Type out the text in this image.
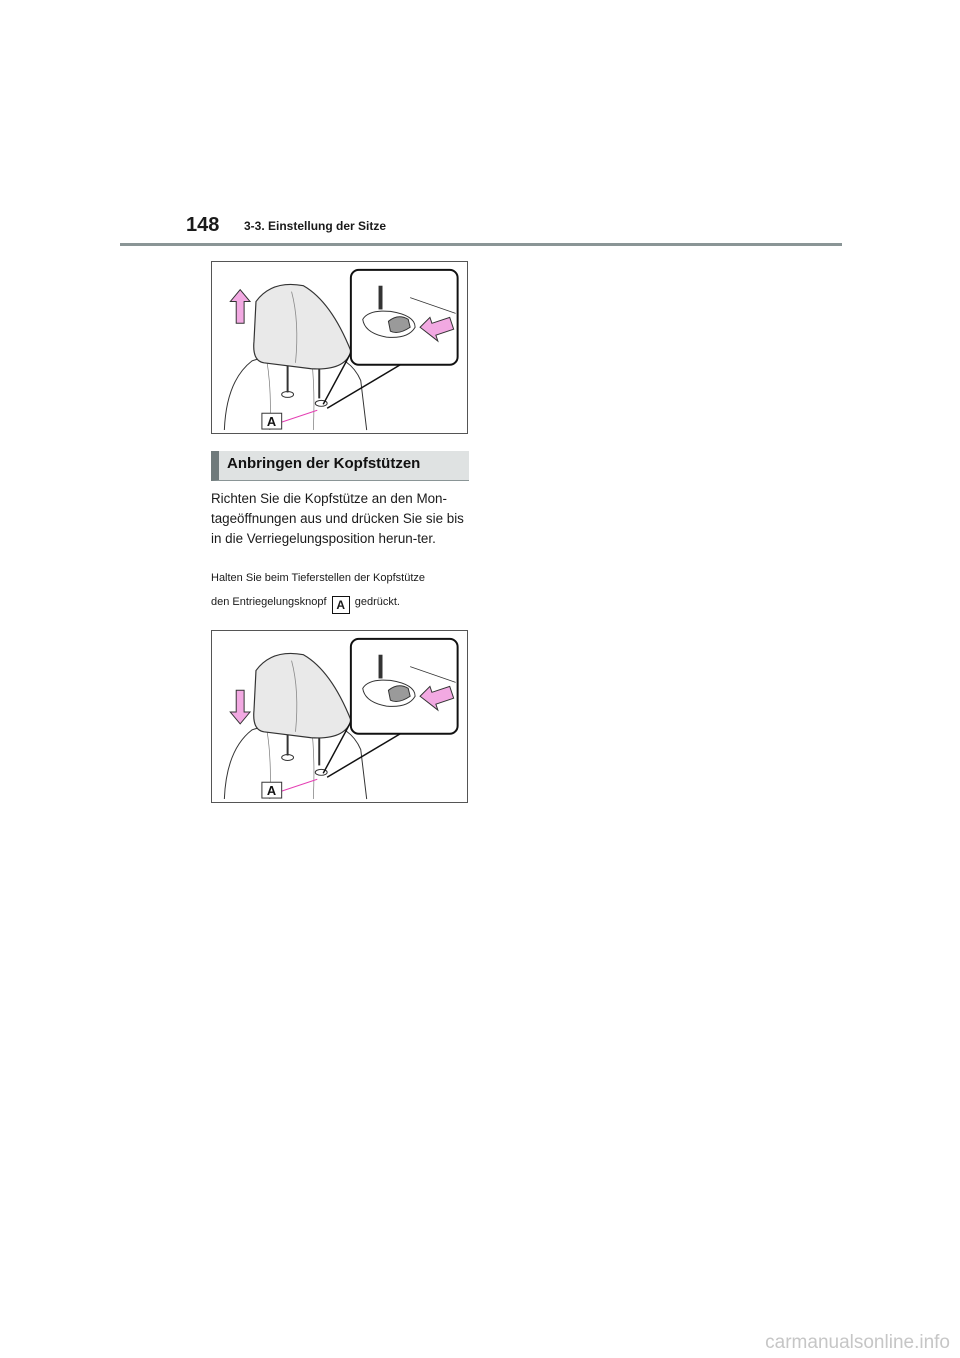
148 3-3. Einstellung der Sitze
A
Anbringen der Kopfstützen
Richten Sie die Kopfstütze an den Mon-tageöffnungen aus und drücken Sie sie bis in die Verriegelungsposition herun-ter.
Halten Sie beim Tieferstellen der Kopfstütze
den Entriegelungsknopf A gedrückt.
A
carmanualsonline.info
